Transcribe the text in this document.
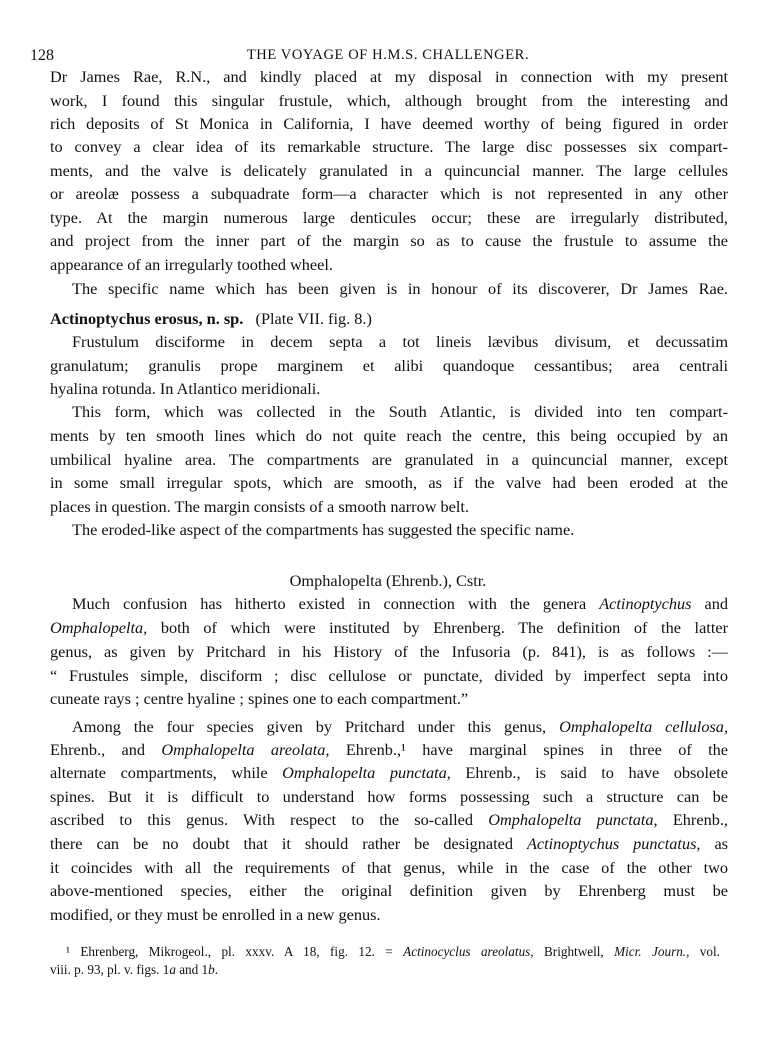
128	THE VOYAGE OF H.M.S. CHALLENGER.
Actinoptychus erosus, n. sp. (Plate VII. fig. 8.)
Omphalopelta (Ehrenb.), Cstr.
Dr James Rae, R.N., and kindly placed at my disposal in connection with my present
work, I found this singular frustule, which, although brought from the interesting and
rich deposits of St Monica in California, I have deemed worthy of being figured in order
to convey a clear idea of its remarkable structure. The large disc possesses six compart-
ments, and the valve is delicately granulated in a quincuncial manner. The large cellules
or areolæ possess a subquadrate form—a character which is not represented in any other
type. At the margin numerous large denticules occur; these are irregularly distributed,
and project from the inner part of the margin so as to cause the frustule to assume the
appearance of an irregularly toothed wheel.
The specific name which has been given is in honour of its discoverer, Dr James Rae.
Frustulum disciforme in decem septa a tot lineis lævibus divisum, et decussatim
granulatum; granulis prope marginem et alibi quandoque cessantibus; area centrali
hyalina rotunda. In Atlantico meridionali.
This form, which was collected in the South Atlantic, is divided into ten compart-
ments by ten smooth lines which do not quite reach the centre, this being occupied by an
umbilical hyaline area. The compartments are granulated in a quincuncial manner, except
in some small irregular spots, which are smooth, as if the valve had been eroded at the
places in question. The margin consists of a smooth narrow belt.
The eroded-like aspect of the compartments has suggested the specific name.
Much confusion has hitherto existed in connection with the genera Actinoptychus and
Omphalopelta, both of which were instituted by Ehrenberg. The definition of the latter
genus, as given by Pritchard in his History of the Infusoria (p. 841), is as follows :—
“ Frustules simple, disciform ; disc cellulose or punctate, divided by imperfect septa into
cuneate rays ; centre hyaline ; spines one to each compartment.”
Among the four species given by Pritchard under this genus, Omphalopelta cellulosa,
Ehrenb., and Omphalopelta areolata, Ehrenb.,¹ have marginal spines in three of the
alternate compartments, while Omphalopelta punctata, Ehrenb., is said to have obsolete
spines. But it is difficult to understand how forms possessing such a structure can be
ascribed to this genus. With respect to the so-called Omphalopelta punctata, Ehrenb.,
there can be no doubt that it should rather be designated Actinoptychus punctatus, as
it coincides with all the requirements of that genus, while in the case of the other two
above-mentioned species, either the original definition given by Ehrenberg must be
modified, or they must be enrolled in a new genus.
¹ Ehrenberg, Mikrogeol., pl. xxxv. A 18, fig. 12. = Actinocyclus areolatus, Brightwell, Micr. Journ., vol.
viii. p. 93, pl. v. figs. 1a and 1b.
